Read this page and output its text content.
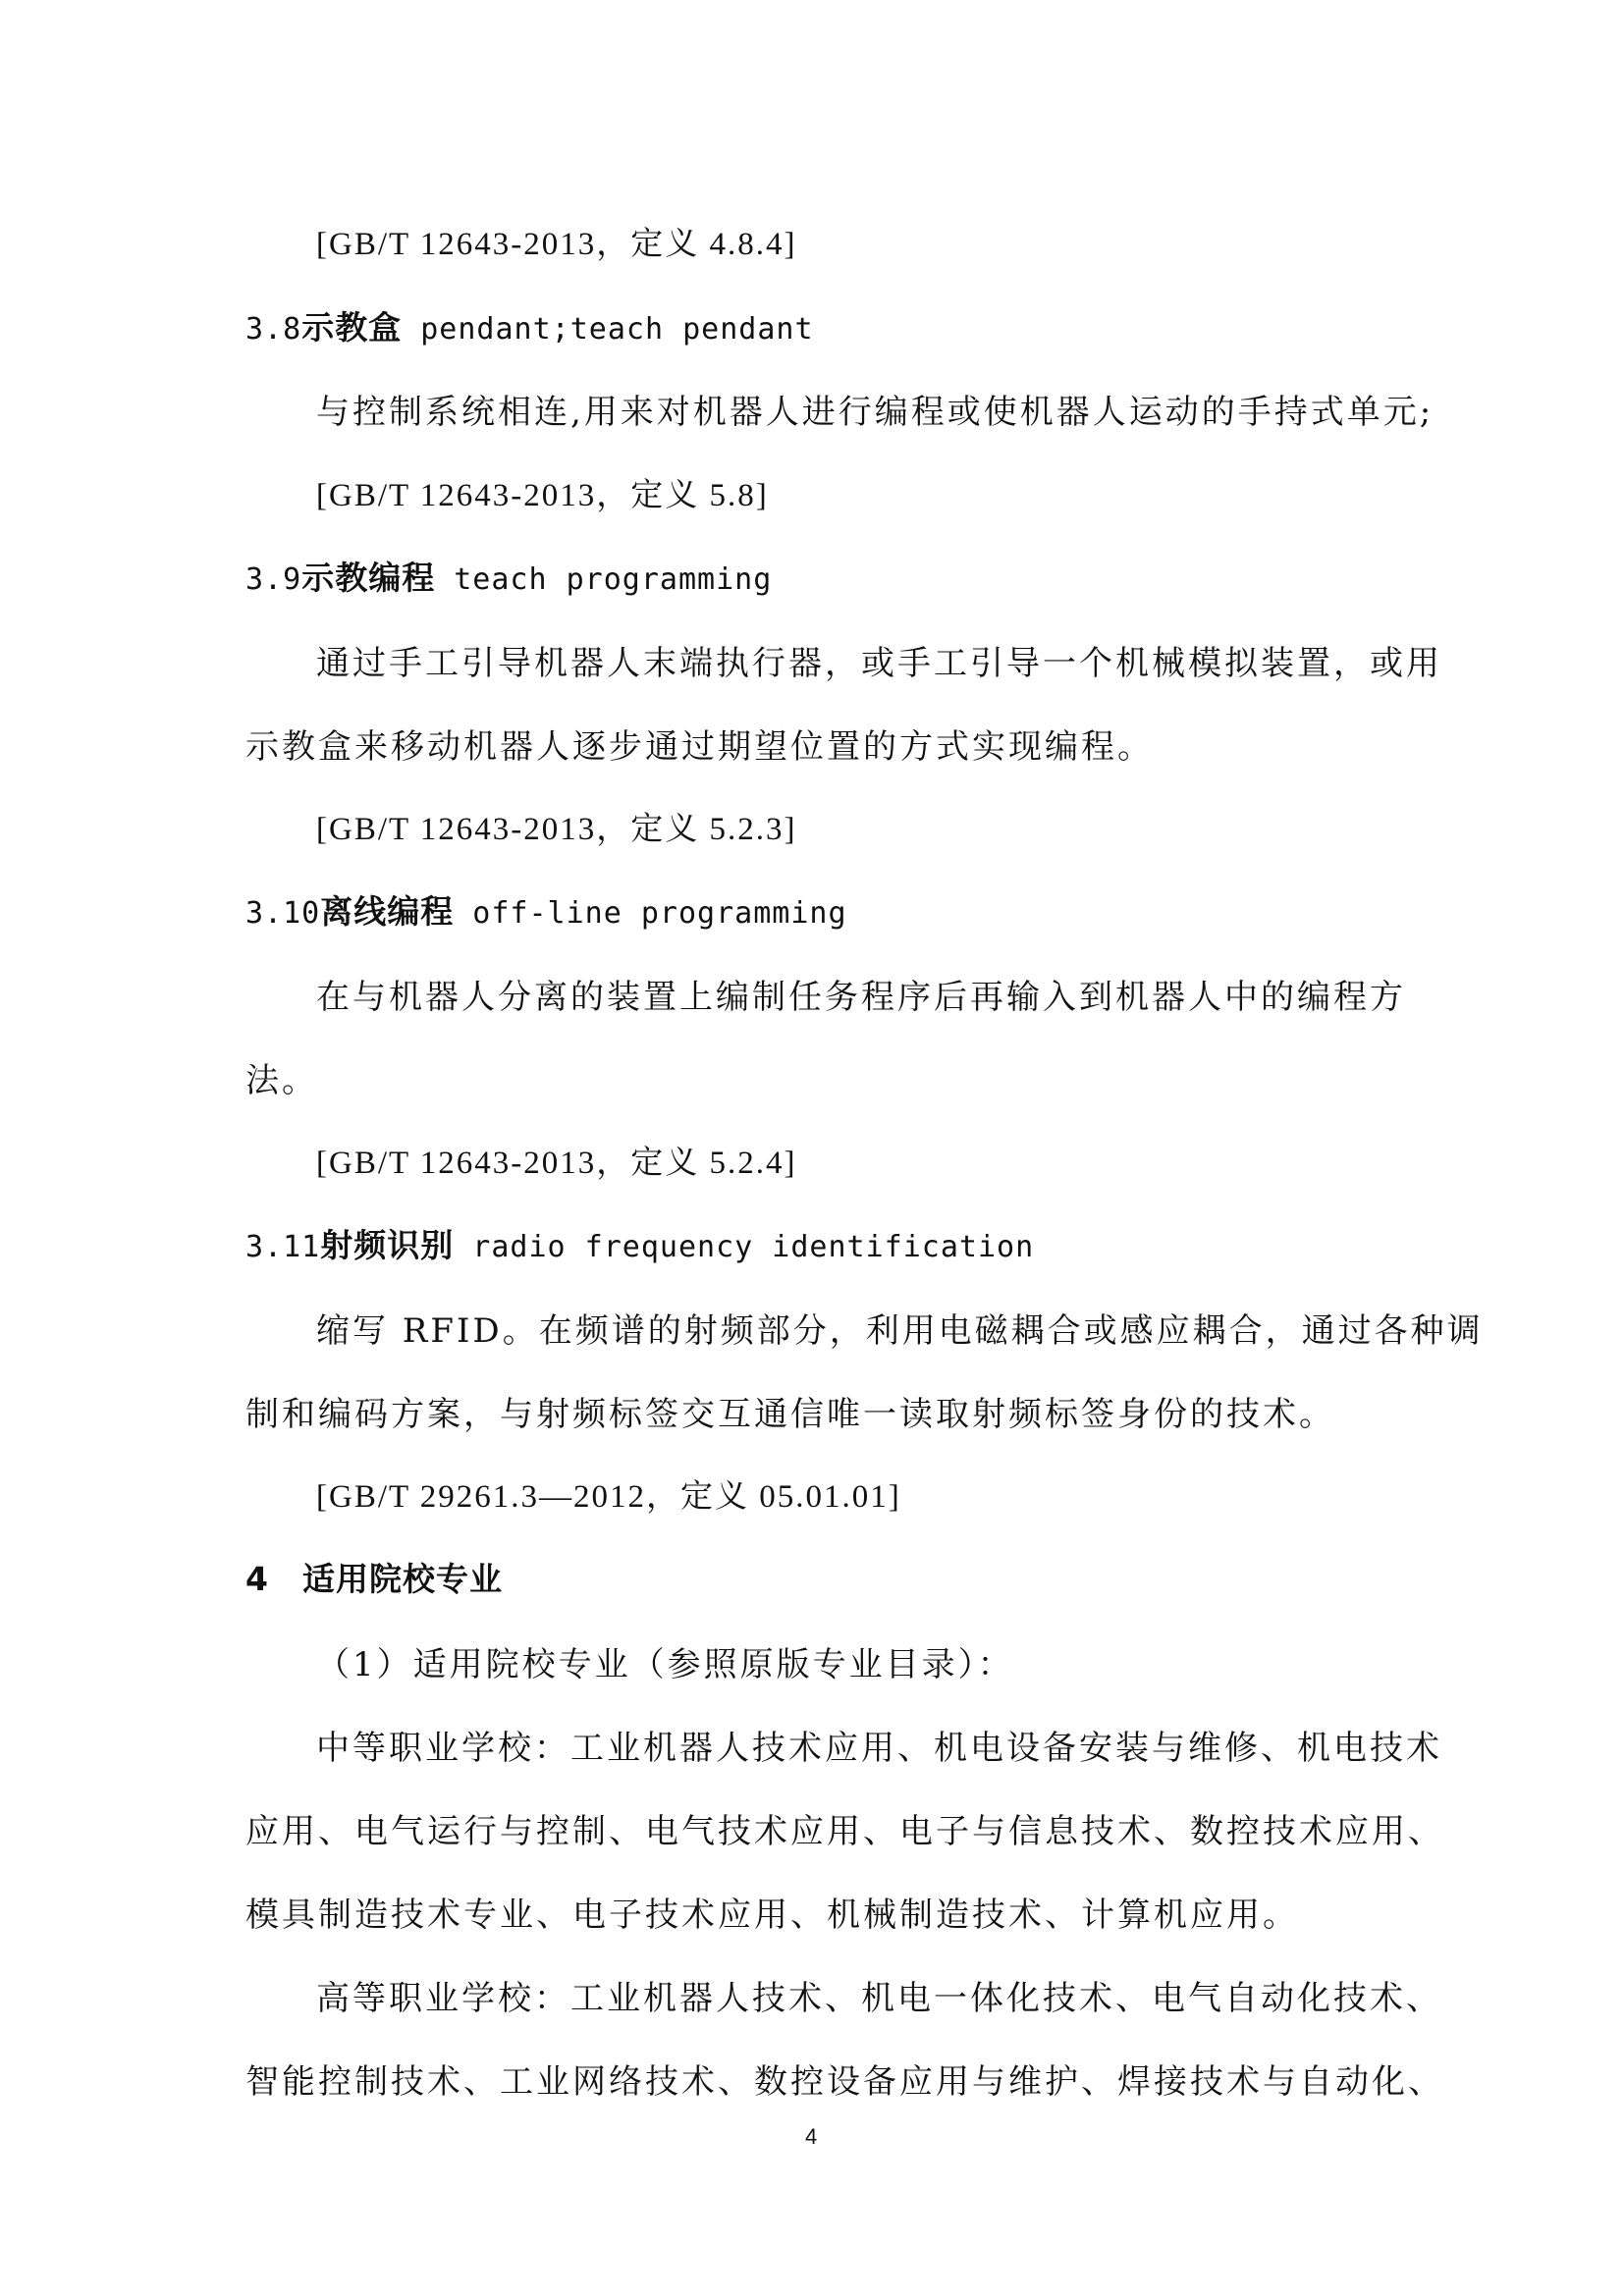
[GB/T 12643-2013，定义 4.8.4]

3.8示教盒 pendant;teach pendant

与控制系统相连,用来对机器人进行编程或使机器人运动的手持式单元;

[GB/T 12643-2013，定义 5.8]

3.9示教编程 teach programming

通过手工引导机器人末端执行器，或手工引导一个机械模拟装置，或用

示教盒来移动机器人逐步通过期望位置的方式实现编程。

[GB/T 12643-2013，定义 5.2.3]

3.10离线编程 off-line programming

在与机器人分离的装置上编制任务程序后再输入到机器人中的编程方

法。

[GB/T 12643-2013，定义 5.2.4]

3.11射频识别 radio frequency identification

缩写 RFID。在频谱的射频部分，利用电磁耦合或感应耦合，通过各种调

制和编码方案，与射频标签交互通信唯一读取射频标签身份的技术。

[GB/T 29261.3—2012，定义 05.01.01]

4　适用院校专业

（1）适用院校专业（参照原版专业目录）：

中等职业学校：工业机器人技术应用、机电设备安装与维修、机电技术

应用、电气运行与控制、电气技术应用、电子与信息技术、数控技术应用、

模具制造技术专业、电子技术应用、机械制造技术、计算机应用。

高等职业学校：工业机器人技术、机电一体化技术、电气自动化技术、

智能控制技术、工业网络技术、数控设备应用与维护、焊接技术与自动化、

4
